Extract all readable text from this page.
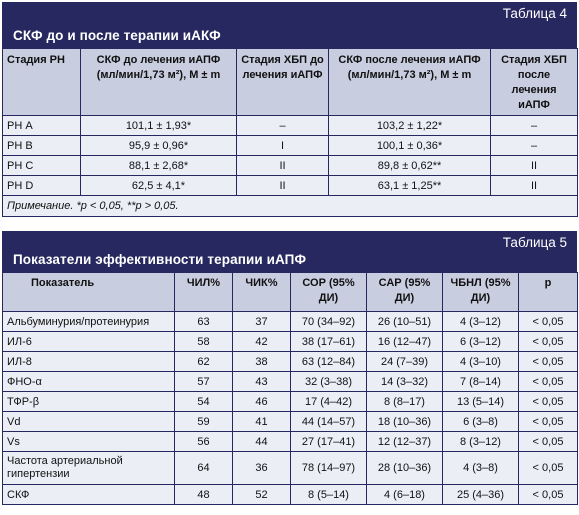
Таблица 4
СКФ до и после терапии иАКФ
Стадия РН	СКФ до лечения иАПФ (мл/мин/1,73 м²), М ± m	Стадия ХБП до лечения иАПФ	СКФ после лечения иАПФ (мл/мин/1,73 м²), М ± m	Стадия ХБП после лечения иАПФ
РН А	101,1 ± 1,93*	–	103,2 ± 1,22*	–
РН В	95,9 ± 0,96*	I	100,1 ± 0,36*	–
РН С	88,1 ± 2,68*	II	89,8 ± 0,62**	II
РН D	62,5 ± 4,1*	II	63,1 ± 1,25**	II
Примечание. *p < 0,05, **p > 0,05.				
Таблица 5
Показатели эффективности терапии иАПФ
Показатель	ЧИЛ%	ЧИК%	СОР (95% ДИ)	САР (95% ДИ)	ЧБНЛ (95% ДИ)	p
Альбуминурия/протеинурия	63	37	70 (34–92)	26 (10–51)	4 (3–12)	< 0,05
ИЛ-6	58	42	38 (17–61)	16 (12–47)	6 (3–12)	< 0,05
ИЛ-8	62	38	63 (12–84)	24 (7–39)	4 (3–10)	< 0,05
ФНО-α	57	43	32 (3–38)	14 (3–32)	7 (8–14)	< 0,05
ТФР-β	54	46	17 (4–42)	8 (8–17)	13 (5–14)	< 0,05
Vd	59	41	44 (14–57)	18 (10–36)	6 (3–8)	< 0,05
Vs	56	44	27 (17–41)	12 (12–37)	8 (3–12)	< 0,05
Частота артериальной гипертензии	64	36	78 (14–97)	28 (10–36)	4 (3–8)	< 0,05
СКФ	48	52	8 (5–14)	4 (6–18)	25 (4–36)	< 0,05
